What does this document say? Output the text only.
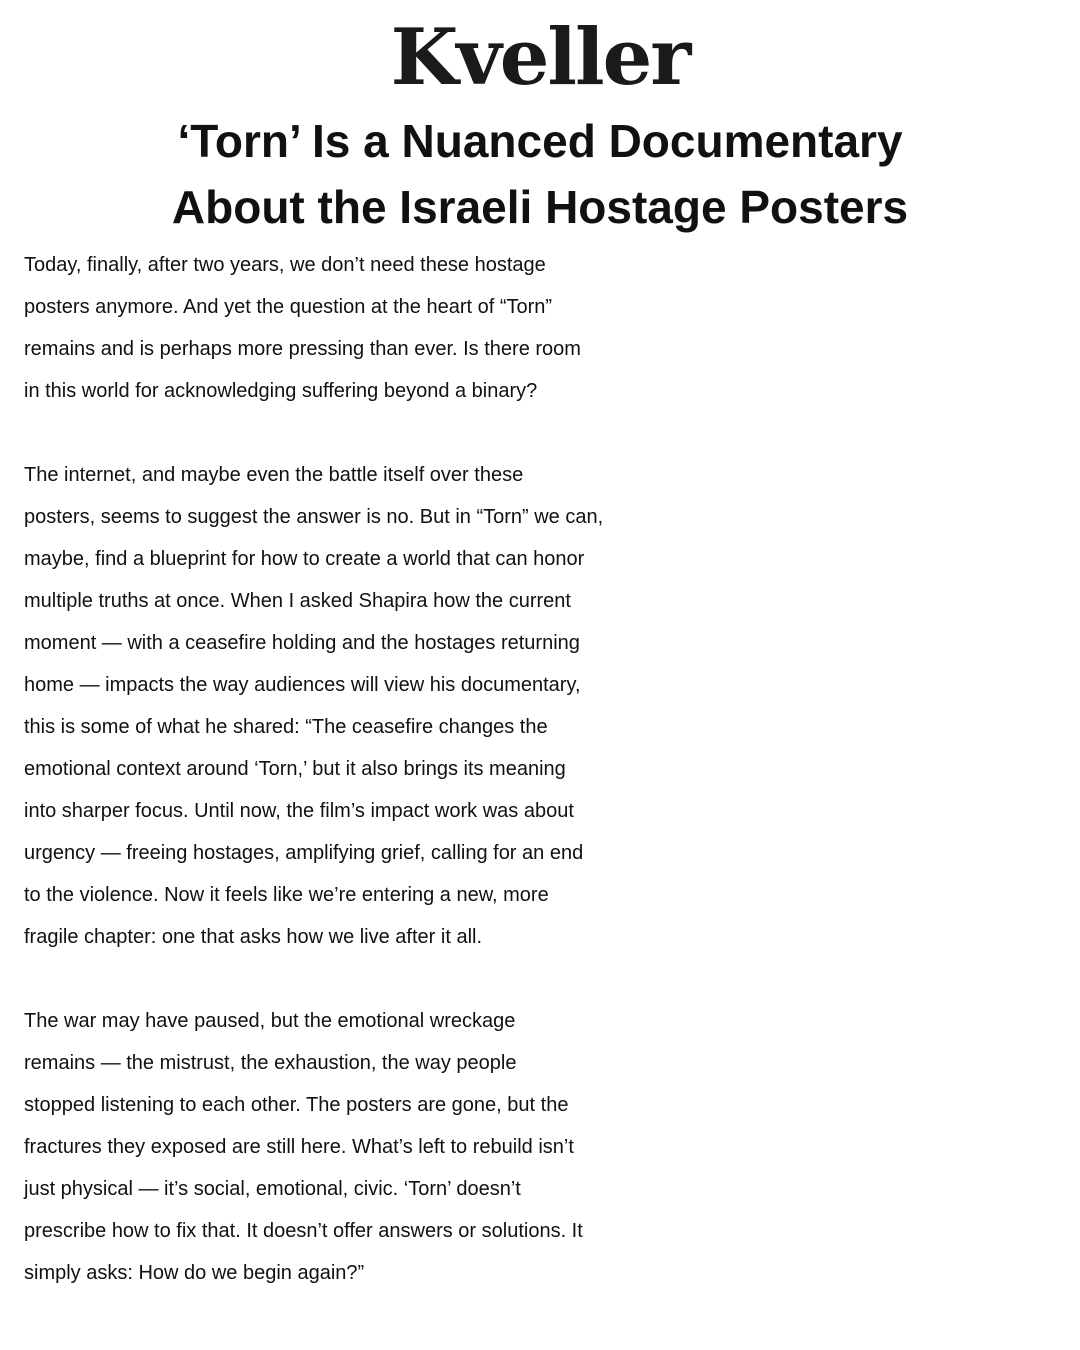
Kveller
‘Torn’ Is a Nuanced Documentary
About the Israeli Hostage Posters
Today, finally, after two years, we don’t need these hostage
posters anymore. And yet the question at the heart of “Torn”
remains and is perhaps more pressing than ever. Is there room
in this world for acknowledging suffering beyond a binary?
The internet, and maybe even the battle itself over these
posters, seems to suggest the answer is no. But in “Torn” we can,
maybe, find a blueprint for how to create a world that can honor
multiple truths at once. When I asked Shapira how the current
moment — with a ceasefire holding and the hostages returning
home — impacts the way audiences will view his documentary,
this is some of what he shared: “The ceasefire changes the
emotional context around ‘Torn,’ but it also brings its meaning
into sharper focus. Until now, the film’s impact work was about
urgency — freeing hostages, amplifying grief, calling for an end
to the violence. Now it feels like we’re entering a new, more
fragile chapter: one that asks how we live after it all.
The war may have paused, but the emotional wreckage
remains — the mistrust, the exhaustion, the way people
stopped listening to each other. The posters are gone, but the
fractures they exposed are still here. What’s left to rebuild isn’t
just physical — it’s social, emotional, civic. ‘Torn’ doesn’t
prescribe how to fix that. It doesn’t offer answers or solutions. It
simply asks: How do we begin again?”
